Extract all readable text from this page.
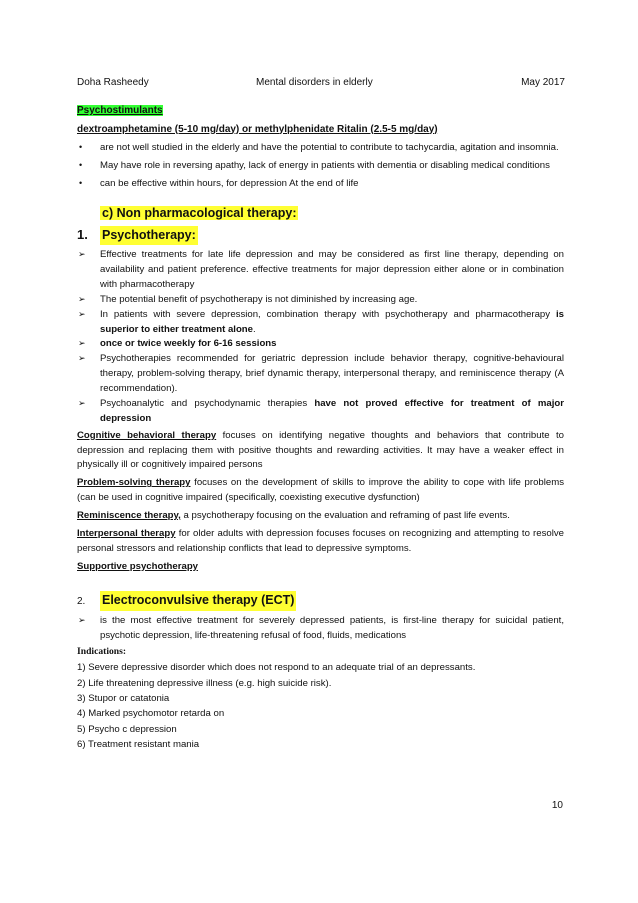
Doha Rasheedy	Mental disorders in elderly	May 2017
Psychostimulants
dextroamphetamine (5-10 mg/day) or methylphenidate Ritalin (2.5-5 mg/day)
• are not well studied in the elderly and have the potential to contribute to tachycardia, agitation and insomnia.
• May have role in reversing apathy, lack of energy in patients with dementia or disabling medical conditions
• can be effective within hours, for depression At the end of life
c) Non pharmacological therapy:
1.	Psychotherapy:
➢ Effective treatments for late life depression and may be considered as first line therapy, depending on availability and patient preference. effective treatments for major depression either alone or in combination with pharmacotherapy
➢ The potential benefit of psychotherapy is not diminished by increasing age.
➢ In patients with severe depression, combination therapy with psychotherapy and pharmacotherapy is superior to either treatment alone.
➢ once or twice weekly for 6-16 sessions
➢ Psychotherapies recommended for geriatric depression include behavior therapy, cognitive-behavioural therapy, problem-solving therapy, brief dynamic therapy, interpersonal therapy, and reminiscence therapy (A recommendation).
➢ Psychoanalytic and psychodynamic therapies have not proved effective for treatment of major depression
Cognitive behavioral therapy focuses on identifying negative thoughts and behaviors that contribute to depression and replacing them with positive thoughts and rewarding activities. It may have a weaker effect in physically ill or cognitively impaired persons
Problem-solving therapy focuses on the development of skills to improve the ability to cope with life problems (can be used in cognitive impaired (specifically, coexisting executive dysfunction)
Reminiscence therapy, a psychotherapy focusing on the evaluation and reframing of past life events.
Interpersonal therapy for older adults with depression focuses focuses on recognizing and attempting to resolve personal stressors and relationship conflicts that lead to depressive symptoms.
Supportive psychotherapy
2.	Electroconvulsive therapy (ECT)
➢ is the most effective treatment for severely depressed patients, is first-line therapy for suicidal patient, psychotic depression, life-threatening refusal of food, fluids, medications
Indications:
1) Severe depressive disorder which does not respond to an adequate trial of an depressants.
2) Life threatening depressive illness (e.g. high suicide risk).
3) Stupor or catatonia
4) Marked psychomotor retarda on
5) Psycho c depression
6) Treatment resistant mania
10
